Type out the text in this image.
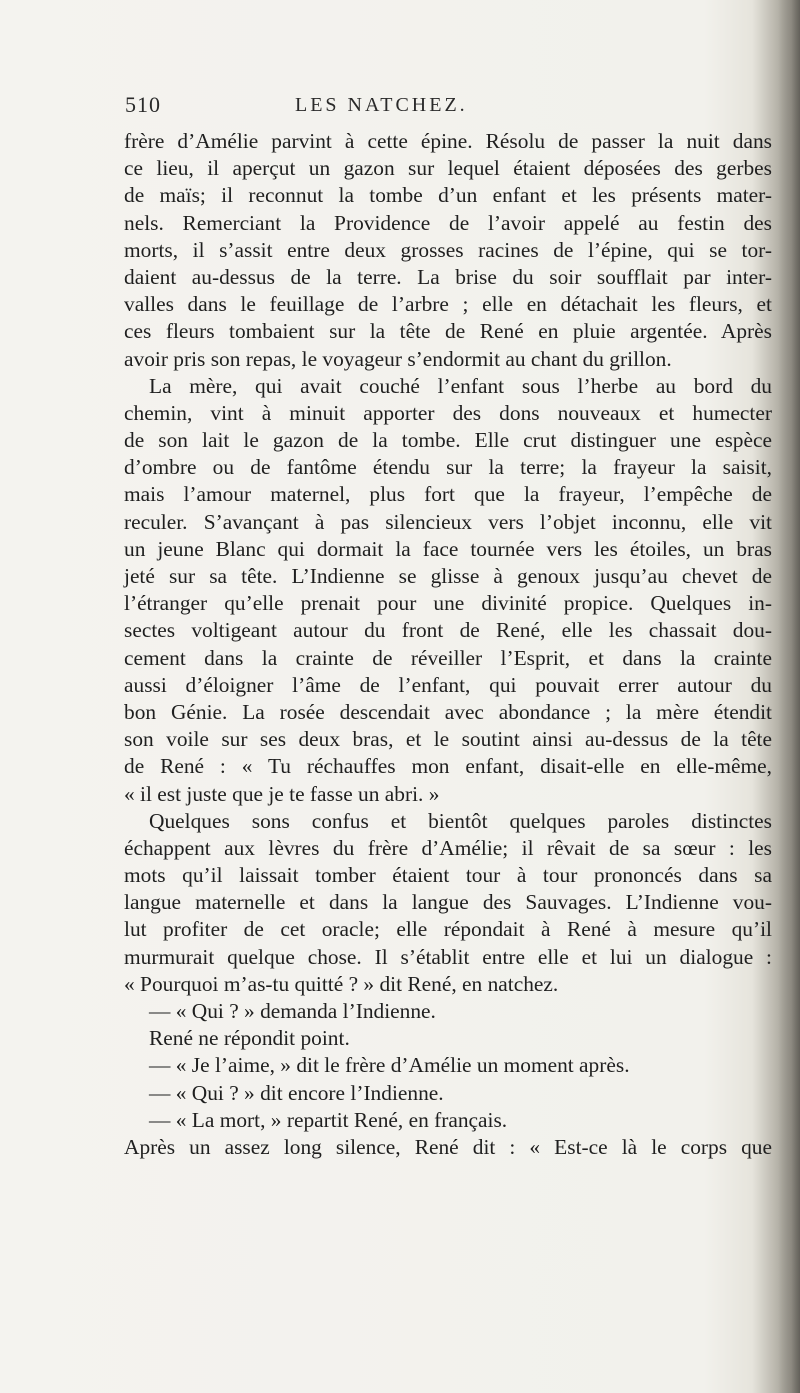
510	LES NATCHEZ.
frère d’Amélie parvint à cette épine. Résolu de passer la nuit dans
ce lieu, il aperçut un gazon sur lequel étaient déposées des gerbes
de maïs; il reconnut la tombe d’un enfant et les présents mater-
nels. Remerciant la Providence de l’avoir appelé au festin des
morts, il s’assit entre deux grosses racines de l’épine, qui se tor-
daient au-dessus de la terre. La brise du soir soufflait par inter-
valles dans le feuillage de l’arbre ; elle en détachait les fleurs, et
ces fleurs tombaient sur la tête de René en pluie argentée. Après
avoir pris son repas, le voyageur s’endormit au chant du grillon.
La mère, qui avait couché l’enfant sous l’herbe au bord du
chemin, vint à minuit apporter des dons nouveaux et humecter
de son lait le gazon de la tombe. Elle crut distinguer une espèce
d’ombre ou de fantôme étendu sur la terre; la frayeur la saisit,
mais l’amour maternel, plus fort que la frayeur, l’empêche de
reculer. S’avançant à pas silencieux vers l’objet inconnu, elle vit
un jeune Blanc qui dormait la face tournée vers les étoiles, un bras
jeté sur sa tête. L’Indienne se glisse à genoux jusqu’au chevet de
l’étranger qu’elle prenait pour une divinité propice. Quelques in-
sectes voltigeant autour du front de René, elle les chassait dou-
cement dans la crainte de réveiller l’Esprit, et dans la crainte
aussi d’éloigner l’âme de l’enfant, qui pouvait errer autour du
bon Génie. La rosée descendait avec abondance ; la mère étendit
son voile sur ses deux bras, et le soutint ainsi au-dessus de la tête
de René : « Tu réchauffes mon enfant, disait-elle en elle-même,
« il est juste que je te fasse un abri. »
Quelques sons confus et bientôt quelques paroles distinctes
échappent aux lèvres du frère d’Amélie; il rêvait de sa sœur : les
mots qu’il laissait tomber étaient tour à tour prononcés dans sa
langue maternelle et dans la langue des Sauvages. L’Indienne vou-
lut profiter de cet oracle; elle répondait à René à mesure qu’il
murmurait quelque chose. Il s’établit entre elle et lui un dialogue :
« Pourquoi m’as-tu quitté ? » dit René, en natchez.
— « Qui ? » demanda l’Indienne.
René ne répondit point.
— « Je l’aime, » dit le frère d’Amélie un moment après.
— « Qui ? » dit encore l’Indienne.
— « La mort, » repartit René, en français.
Après un assez long silence, René dit : « Est-ce là le corps que
